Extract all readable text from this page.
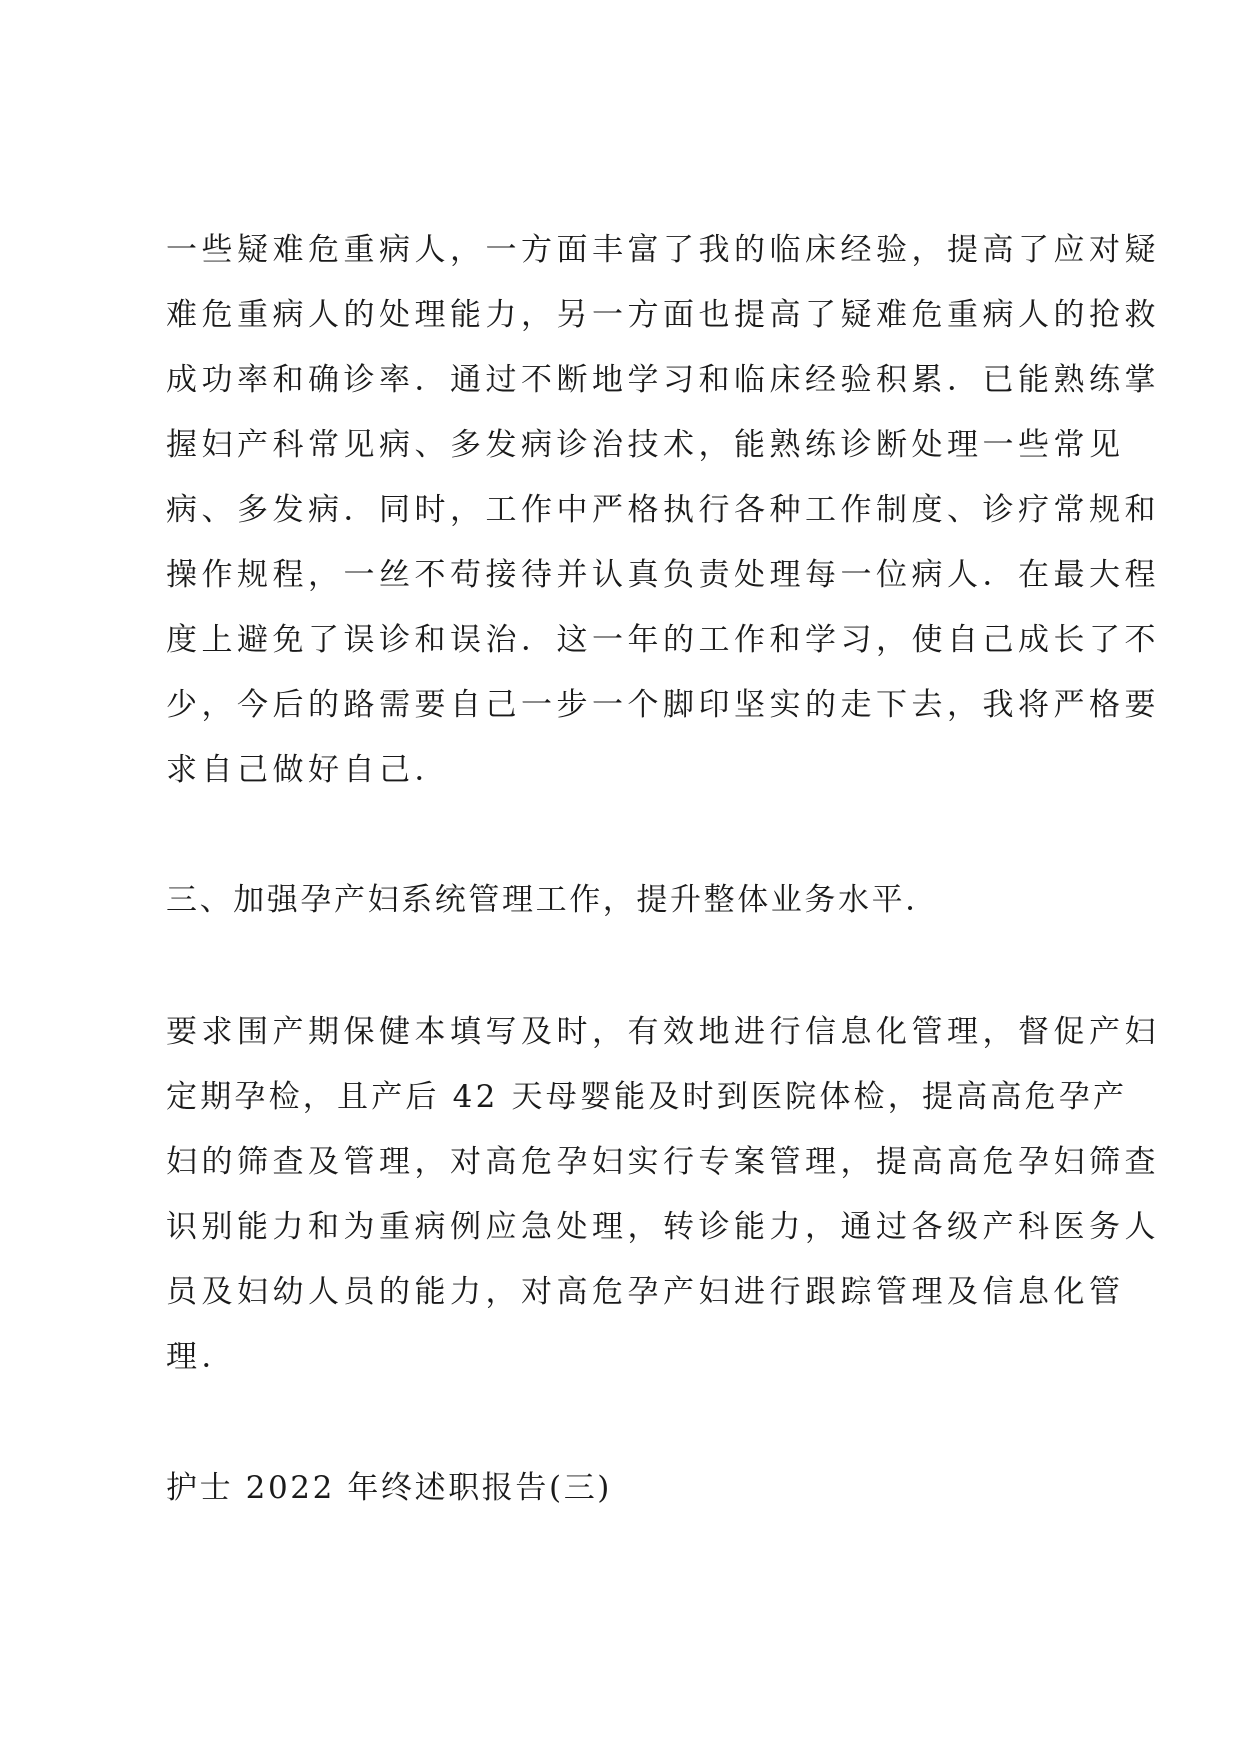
一些疑难危重病人，一方面丰富了我的临床经验，提高了应对疑
难危重病人的处理能力，另一方面也提高了疑难危重病人的抢救
成功率和确诊率．通过不断地学习和临床经验积累．已能熟练掌
握妇产科常见病、多发病诊治技术，能熟练诊断处理一些常见
病、多发病．同时，工作中严格执行各种工作制度、诊疗常规和
操作规程，一丝不苟接待并认真负责处理每一位病人．在最大程
度上避免了误诊和误治．这一年的工作和学习，使自己成长了不
少，今后的路需要自己一步一个脚印坚实的走下去，我将严格要
求自己做好自己．
三、加强孕产妇系统管理工作，提升整体业务水平．
要求围产期保健本填写及时，有效地进行信息化管理，督促产妇
定期孕检，且产后 42 天母婴能及时到医院体检，提高高危孕产
妇的筛查及管理，对高危孕妇实行专案管理，提高高危孕妇筛查
识别能力和为重病例应急处理，转诊能力，通过各级产科医务人
员及妇幼人员的能力，对高危孕产妇进行跟踪管理及信息化管
理．
护士 2022 年终述职报告(三)
